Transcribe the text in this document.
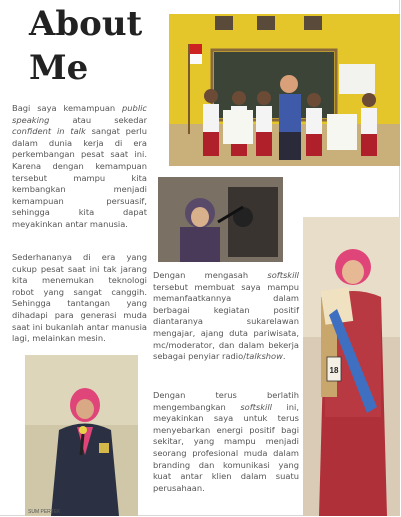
About
Me

Bagi saya kemampuan public speaking atau sekedar confident in talk sangat perlu dalam dunia kerja di era perkembangan pesat saat ini. Karena dengan kemampuan tersebut mampu kita kembangkan menjadi kemampuan persuasif, sehingga kita dapat meyakinkan antar manusia.

Sederhananya di era yang cukup pesat saat ini tak jarang kita menemukan teknologi robot yang sangat canggih. Sehingga tantangan yang dihadapi para generasi muda saat ini bukanlah antar manusia lagi, melainkan mesin.

Dengan mengasah softskill tersebut membuat saya mampu memanfaatkannya dalam berbagai kegiatan positif diantaranya sukarelawan mengajar, ajang duta pariwisata, mc/moderator, dan dalam bekerja sebagai penyiar radio/talkshow.

Dengan terus berlatih mengembangkan softskill ini, meyakinkan saya untuk terus menyebarkan energi positif bagi sekitar, yang mampu menjadi seorang profesional muda dalam branding dan komunikasi yang kuat antar klien dalam suatu perusahaan.

18
SUM PERTEK
